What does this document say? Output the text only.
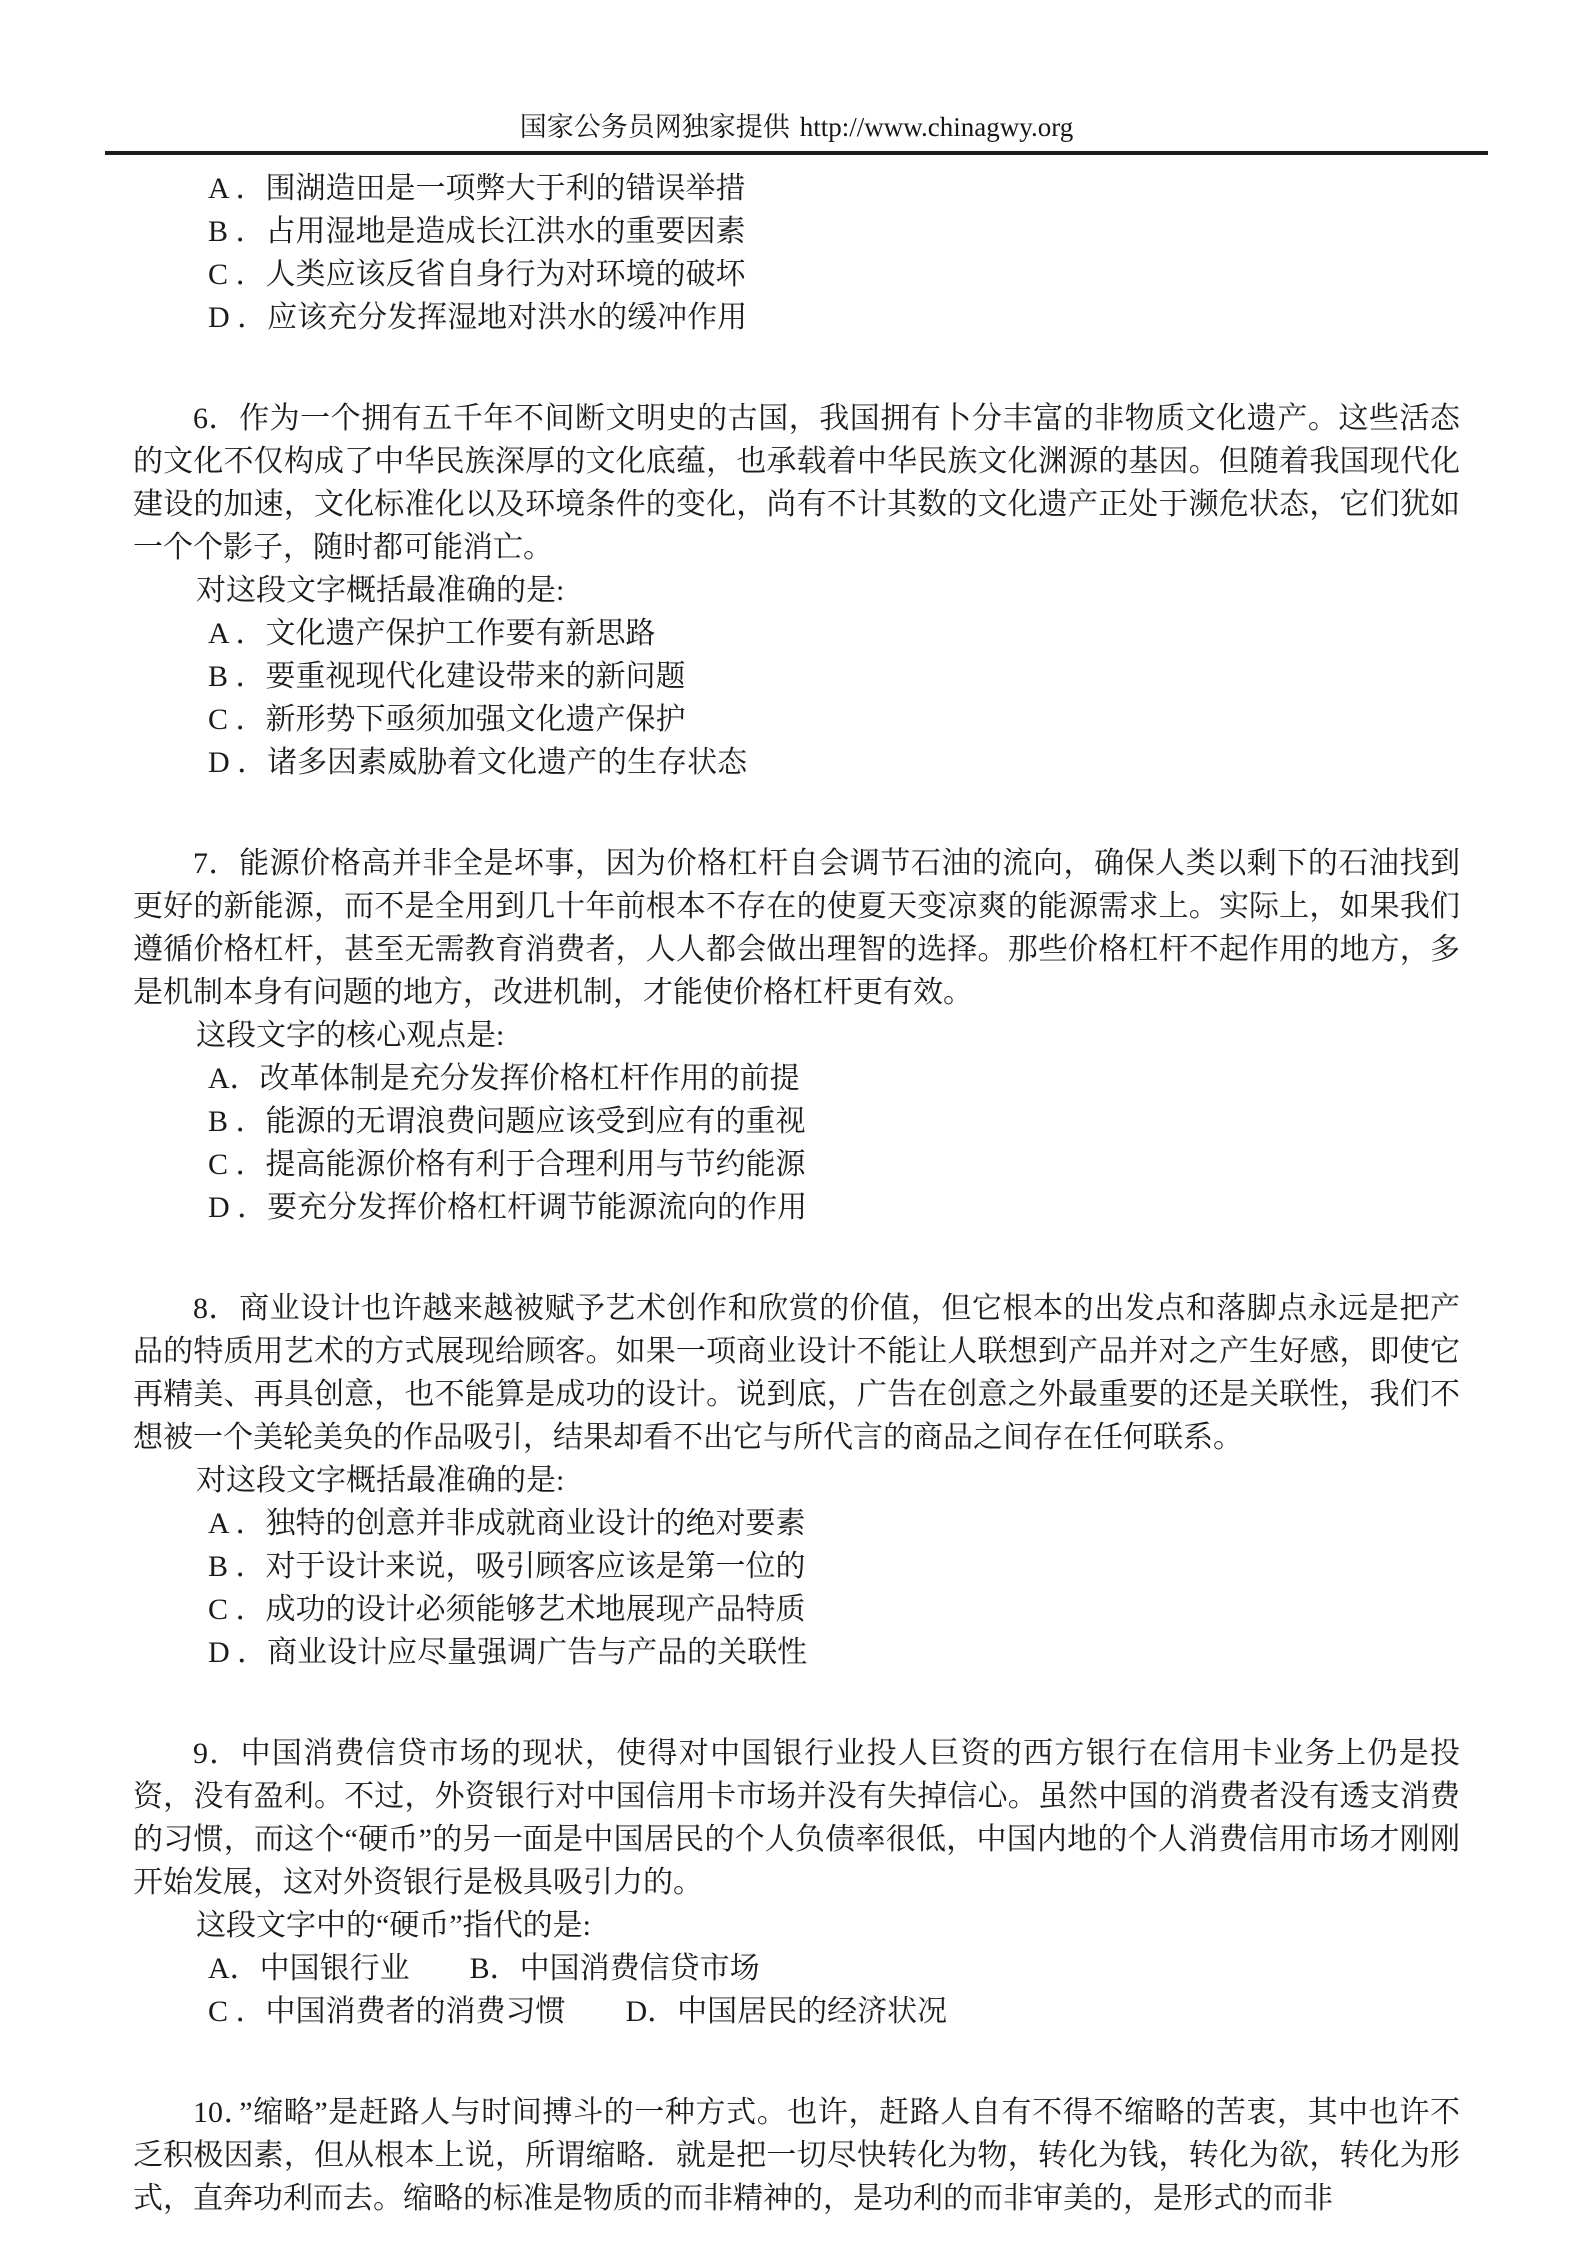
国家公务员网独家提供 http://www.chinagwy.org

A ．围湖造田是一项弊大于利的错误举措

B ．占用湿地是造成长江洪水的重要因素

C ．人类应该反省自身行为对环境的破坏

D ．应该充分发挥湿地对洪水的缓冲作用

6．作为一个拥有五千年不间断文明史的古国，我国拥有卜分丰富的非物质文化遗产。这些活态的文化不仅构成了中华民族深厚的文化底蕴，也承载着中华民族文化渊源的基因。但随着我国现代化建设的加速，文化标准化以及环境条件的变化，尚有不计其数的文化遗产正处于濒危状态，它们犹如一个个影子，随时都可能消亡。

对这段文字概括最准确的是:

A ．文化遗产保护工作要有新思路

B ．要重视现代化建设带来的新问题

C ．新形势下亟须加强文化遗产保护

D ．诸多因素威胁着文化遗产的生存状态

7．能源价格高并非全是坏事，因为价格杠杆自会调节石油的流向，确保人类以剩下的石油找到更好的新能源，而不是全用到几十年前根本不存在的使夏天变凉爽的能源需求上。实际上，如果我们遵循价格杠杆，甚至无需教育消费者，人人都会做出理智的选择。那些价格杠杆不起作用的地方，多是机制本身有问题的地方，改进机制，才能使价格杠杆更有效。

这段文字的核心观点是:

A．改革体制是充分发挥价格杠杆作用的前提

B ．能源的无谓浪费问题应该受到应有的重视

C ．提高能源价格有利于合理利用与节约能源

D ．要充分发挥价格杠杆调节能源流向的作用

8．商业设计也许越来越被赋予艺术创作和欣赏的价值，但它根本的出发点和落脚点永远是把产品的特质用艺术的方式展现给顾客。如果一项商业设计不能让人联想到产品并对之产生好感，即使它再精美、再具创意，也不能算是成功的设计。说到底，广告在创意之外最重要的还是关联性，我们不想被一个美轮美奂的作品吸引，结果却看不出它与所代言的商品之间存在任何联系。

对这段文字概括最准确的是:

A ．独特的创意并非成就商业设计的绝对要素

B ．对于设计来说，吸引顾客应该是第一位的

C ．成功的设计必须能够艺术地展现产品特质

D ．商业设计应尽量强调广告与产品的关联性

9．中国消费信贷市场的现状，使得对中国银行业投人巨资的西方银行在信用卡业务上仍是投资，没有盈利。不过，外资银行对中国信用卡市场并没有失掉信心。虽然中国的消费者没有透支消费的习惯，而这个“硬币”的另一面是中国居民的个人负债率很低，中国内地的个人消费信用市场才刚刚开始发展，这对外资银行是极具吸引力的。

这段文字中的“硬币”指代的是:

A．中国银行业　　B．中国消费信贷市场

C ．中国消费者的消费习惯　　D．中国居民的经济状况

10．”缩略”是赶路人与时间搏斗的一种方式。也许，赶路人自有不得不缩略的苦衷，其中也许不乏积极因素，但从根本上说，所谓缩略．就是把一切尽快转化为物，转化为钱，转化为欲，转化为形式，直奔功利而去。缩略的标准是物质的而非精神的，是功利的而非审美的，是形式的而非
